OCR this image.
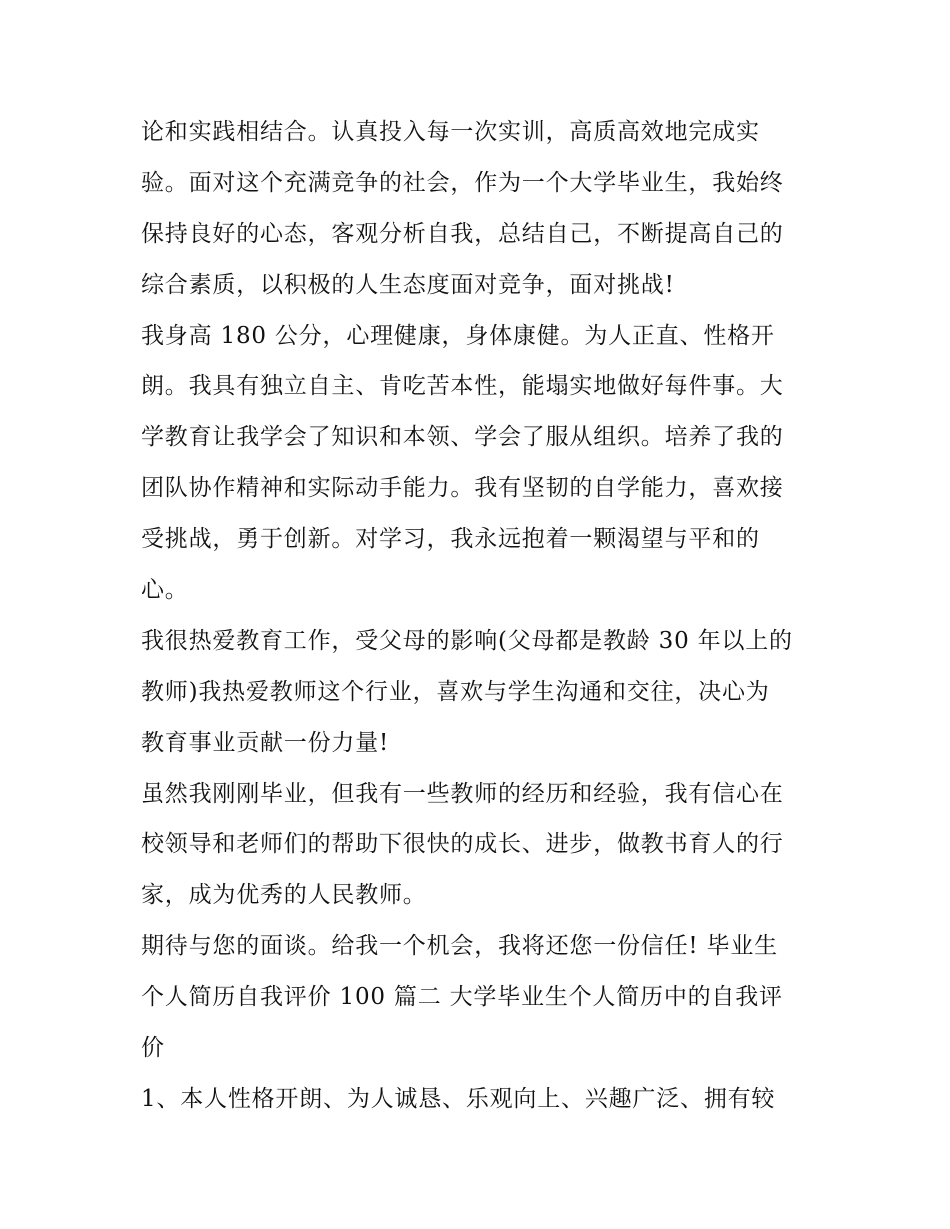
论和实践相结合。认真投入每一次实训，高质高效地完成实
验。面对这个充满竞争的社会，作为一个大学毕业生，我始终
保持良好的心态，客观分析自我，总结自己，不断提高自己的
综合素质，以积极的人生态度面对竞争，面对挑战!
我身高 180 公分，心理健康，身体康健。为人正直、性格开
朗。我具有独立自主、肯吃苦本性，能塌实地做好每件事。大
学教育让我学会了知识和本领、学会了服从组织。培养了我的
团队协作精神和实际动手能力。我有坚韧的自学能力，喜欢接
受挑战，勇于创新。对学习，我永远抱着一颗渴望与平和的
心。
我很热爱教育工作，受父母的影响(父母都是教龄 30 年以上的
教师)我热爱教师这个行业，喜欢与学生沟通和交往，决心为
教育事业贡献一份力量!
虽然我刚刚毕业，但我有一些教师的经历和经验，我有信心在
校领导和老师们的帮助下很快的成长、进步，做教书育人的行
家，成为优秀的人民教师。
期待与您的面谈。给我一个机会，我将还您一份信任! 毕业生
个人简历自我评价 100 篇二 大学毕业生个人简历中的自我评
价
1、本人性格开朗、为人诚恳、乐观向上、兴趣广泛、拥有较
